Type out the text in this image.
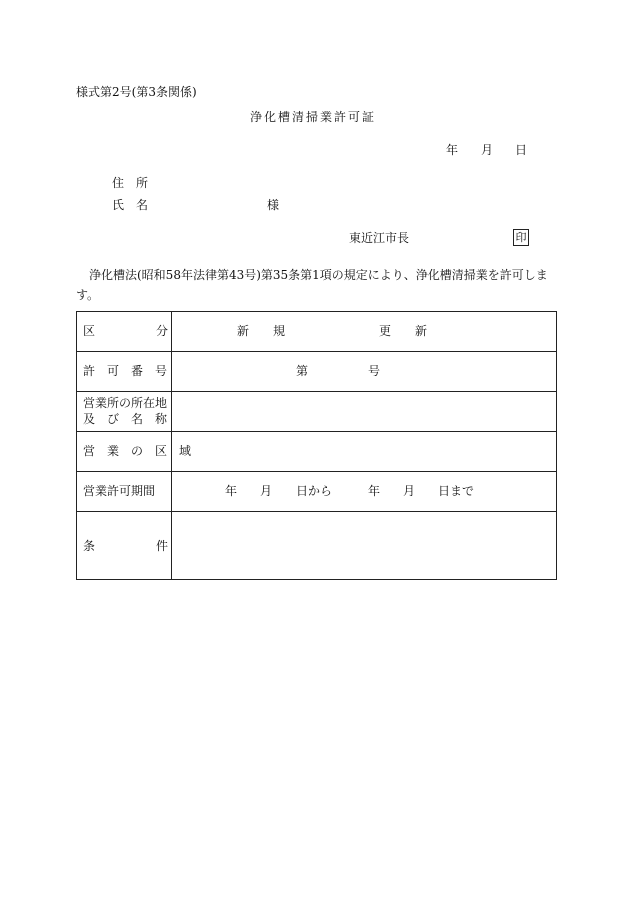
様式第2号(第3条関係)
浄化槽清掃業許可証
年 月 日
住　所
氏　名	様
東近江市長	印
浄化槽法(昭和58年法律第43号)第35条第1項の規定により、浄化槽清掃業を許可しま
す。
区	分	新　　規	更　　新
許　可　番　号	第	号
営業所の所在地
及　び　名　称
営　業　の　区　域
営業許可期間	年 月 日から	年 月 日まで
条	件
